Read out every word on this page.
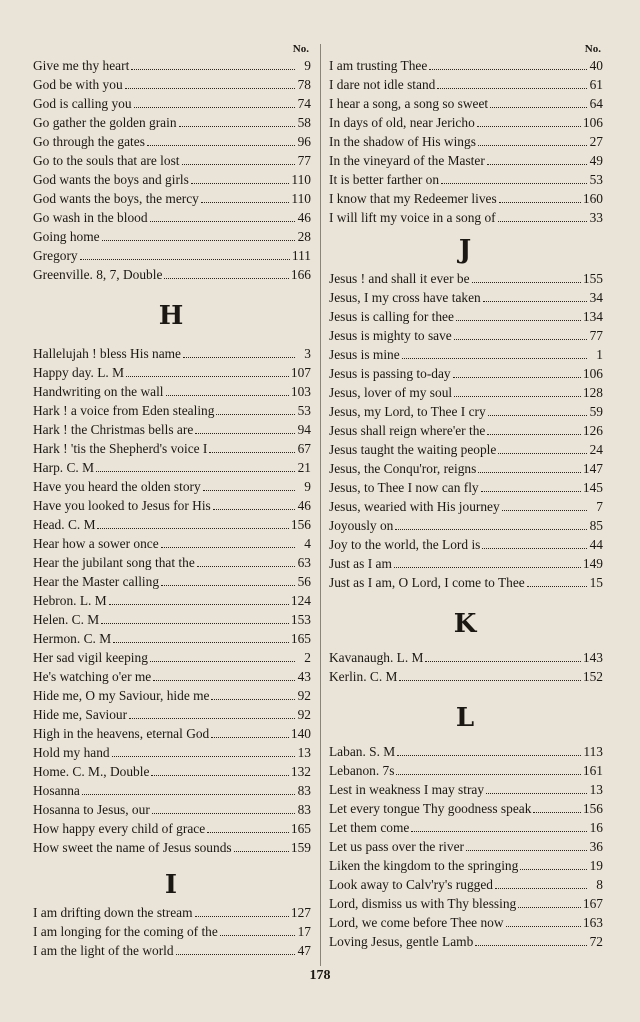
No.
Give me thy heart	9
God be with you	78
God is calling you	74
Go gather the golden grain	58
Go through the gates	96
Go to the souls that are lost	77
God wants the boys and girls	110
God wants the boys, the mercy	110
Go wash in the blood	46
Going home	28
Gregory	111
Greenville. 8, 7, Double	166
H
Hallelujah ! bless His name	3
Happy day. L. M	107
Handwriting on the wall	103
Hark ! a voice from Eden stealing	53
Hark ! the Christmas bells are	94
Hark ! 'tis the Shepherd's voice I	67
Harp. C. M	21
Have you heard the olden story	9
Have you looked to Jesus for His	46
Head. C. M	156
Hear how a sower once	4
Hear the jubilant song that the	63
Hear the Master calling	56
Hebron. L. M	124
Helen. C. M	153
Hermon. C. M	165
Her sad vigil keeping	2
He's watching o'er me	43
Hide me, O my Saviour, hide me	92
Hide me, Saviour	92
High in the heavens, eternal God	140
Hold my hand	13
Home. C. M., Double	132
Hosanna	83
Hosanna to Jesus, our	83
How happy every child of grace	165
How sweet the name of Jesus sounds	159
I
I am drifting down the stream	127
I am longing for the coming of the	17
I am the light of the world	47
No.
I am trusting Thee	40
I dare not idle stand	61
I hear a song, a song so sweet	64
In days of old, near Jericho	106
In the shadow of His wings	27
In the vineyard of the Master	49
It is better farther on	53
I know that my Redeemer lives	160
I will lift my voice in a song of	33
J
Jesus ! and shall it ever be	155
Jesus, I my cross have taken	34
Jesus is calling for thee	134
Jesus is mighty to save	77
Jesus is mine	1
Jesus is passing to-day	106
Jesus, lover of my soul	128
Jesus, my Lord, to Thee I cry	59
Jesus shall reign where'er the	126
Jesus taught the waiting people	24
Jesus, the Conqu'ror, reigns	147
Jesus, to Thee I now can fly	145
Jesus, wearied with His journey	7
Joyously on	85
Joy to the world, the Lord is	44
Just as I am	149
Just as I am, O Lord, I come to Thee	15
K
Kavanaugh. L. M	143
Kerlin. C. M	152
L
Laban. S. M	113
Lebanon. 7s	161
Lest in weakness I may stray	13
Let every tongue Thy goodness speak	156
Let them come	16
Let us pass over the river	36
Liken the kingdom to the springing	19
Look away to Calv'ry's rugged	8
Lord, dismiss us with Thy blessing	167
Lord, we come before Thee now	163
Loving Jesus, gentle Lamb	72
178
